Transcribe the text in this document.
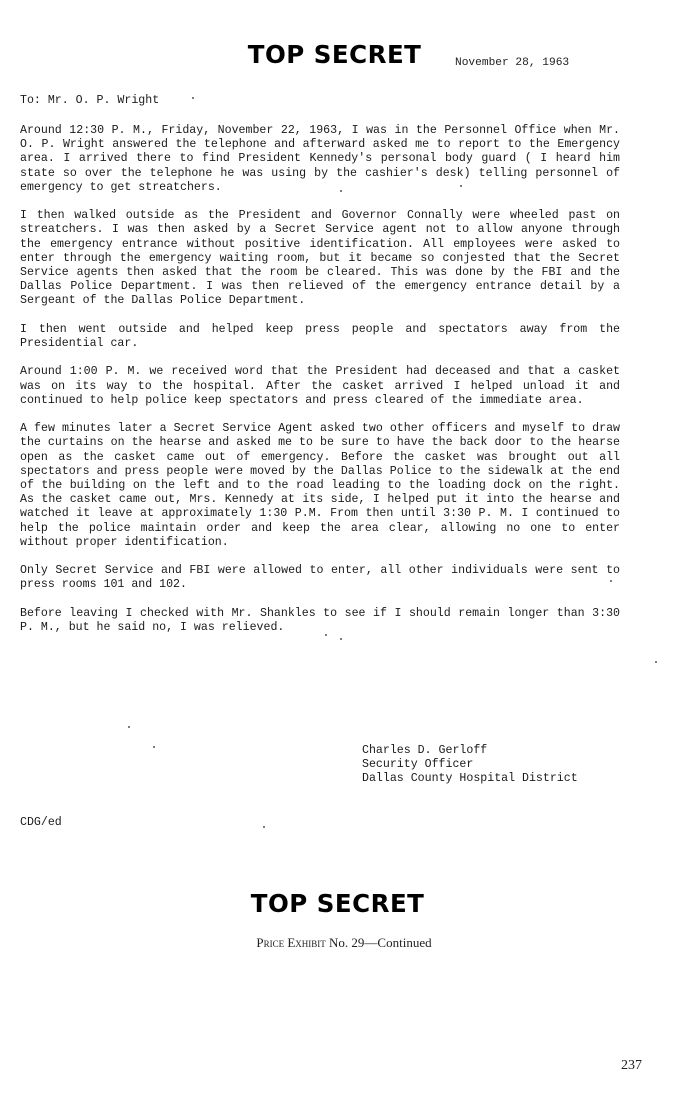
TOP SECRET	November 28, 1963
To: Mr. O. P. Wright

Around 12:30 P. M., Friday, November 22, 1963, I was in the Personnel Office when Mr. O. P. Wright answered the telephone and afterward asked me to report to the Emergency area. I arrived there to find President Kennedy's personal body guard ( I heard him state so over the telephone he was using by the cashier's desk) telling personnel of emergency to get streatchers.

I then walked outside as the President and Governor Connally were wheeled past on streatchers. I was then asked by a Secret Service agent not to allow anyone through the emergency entrance without positive identification. All employees were asked to enter through the emergency waiting room, but it became so conjested that the Secret Service agents then asked that the room be cleared. This was done by the FBI and the Dallas Police Department. I was then relieved of the emergency entrance detail by a Sergeant of the Dallas Police Department.

I then went outside and helped keep press people and spectators away from the Presidential car.

Around 1:00 P. M. we received word that the President had deceased and that a casket was on its way to the hospital. After the casket arrived I helped unload it and continued to help police keep spectators and press cleared of the immediate area.

A few minutes later a Secret Service Agent asked two other officers and myself to draw the curtains on the hearse and asked me to be sure to have the back door to the hearse open as the casket came out of emergency. Before the casket was brought out all spectators and press people were moved by the Dallas Police to the sidewalk at the end of the building on the left and to the road leading to the loading dock on the right. As the casket came out, Mrs. Kennedy at its side, I helped put it into the hearse and watched it leave at approximately 1:30 P.M. From then until 3:30 P. M. I continued to help the police maintain order and keep the area clear, allowing no one to enter without proper identification.

Only Secret Service and FBI were allowed to enter, all other individuals were sent to press rooms 101 and 102.

Before leaving I checked with Mr. Shankles to see if I should remain longer than 3:30 P. M., but he said no, I was relieved.

Charles D. Gerloff
Security Officer
Dallas County Hospital District
CDG/ed
TOP SECRET
Price Exhibit No. 29—Continued
237
